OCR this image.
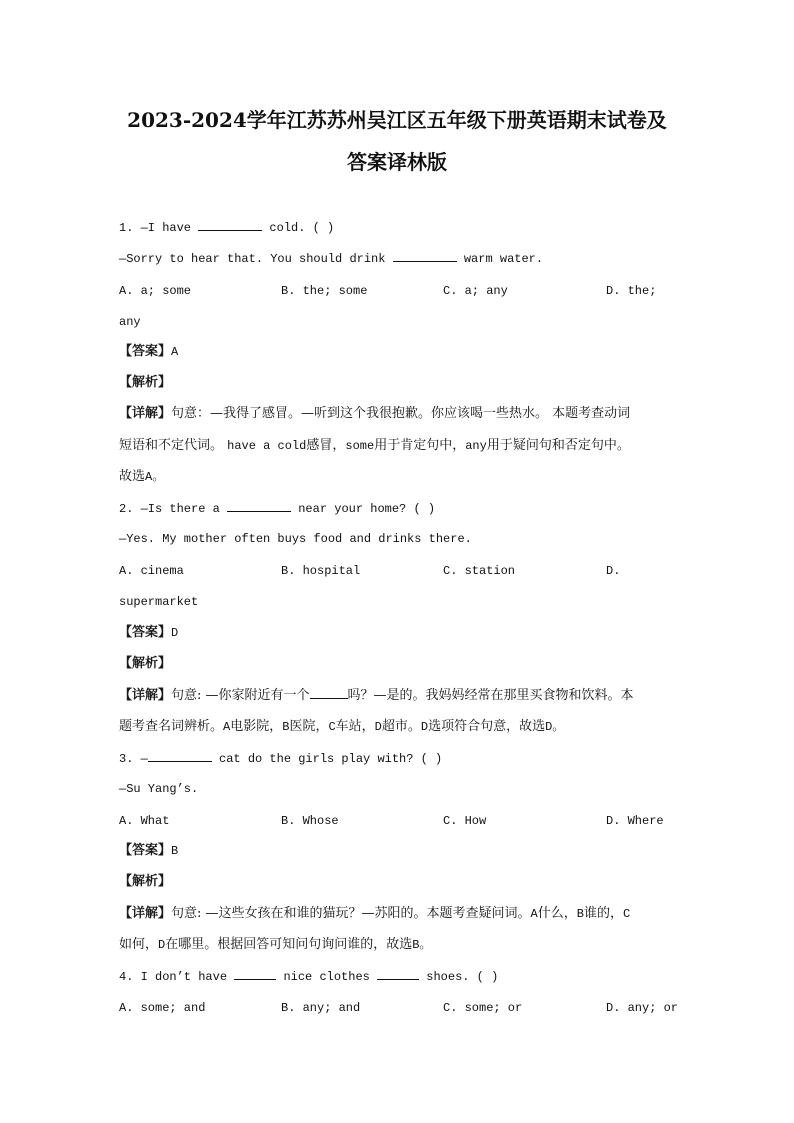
2023-2024学年江苏苏州吴江区五年级下册英语期末试卷及
答案译林版
1. —I have	cold. ( )
—Sorry to hear that. You should drink	warm water.
A. a; some	B. the; some	C. a; any	D. the;
any
【答案】A
【解析】
【详解】句意：—我得了感冒。—听到这个我很抱歉。你应该喝一些热水。 本题考查动词
短语和不定代词。 have a cold感冒，some用于肯定句中，any用于疑问句和否定句中。
故选A。
2. —Is there a	near your home? ( )
—Yes. My mother often buys food and drinks there.
A. cinema	B. hospital	C. station	D.
supermarket
【答案】D
【解析】
【详解】句意: —你家附近有一个	吗？—是的。我妈妈经常在那里买食物和饮料。本
题考查名词辨析。A电影院，B医院，C车站，D超市。D选项符合句意，故选D。
3. —	cat do the girls play with? ( )
—Su Yang’s.
A. What	B. Whose	C. How	D. Where
【答案】B
【解析】
【详解】句意: —这些女孩在和谁的猫玩？—苏阳的。本题考查疑问词。A什么，B谁的，C
如何，D在哪里。根据回答可知问句询问谁的，故选B。
4. I don’t have	nice clothes	shoes. ( )
A. some; and	B. any; and	C. some; or	D. any; or
